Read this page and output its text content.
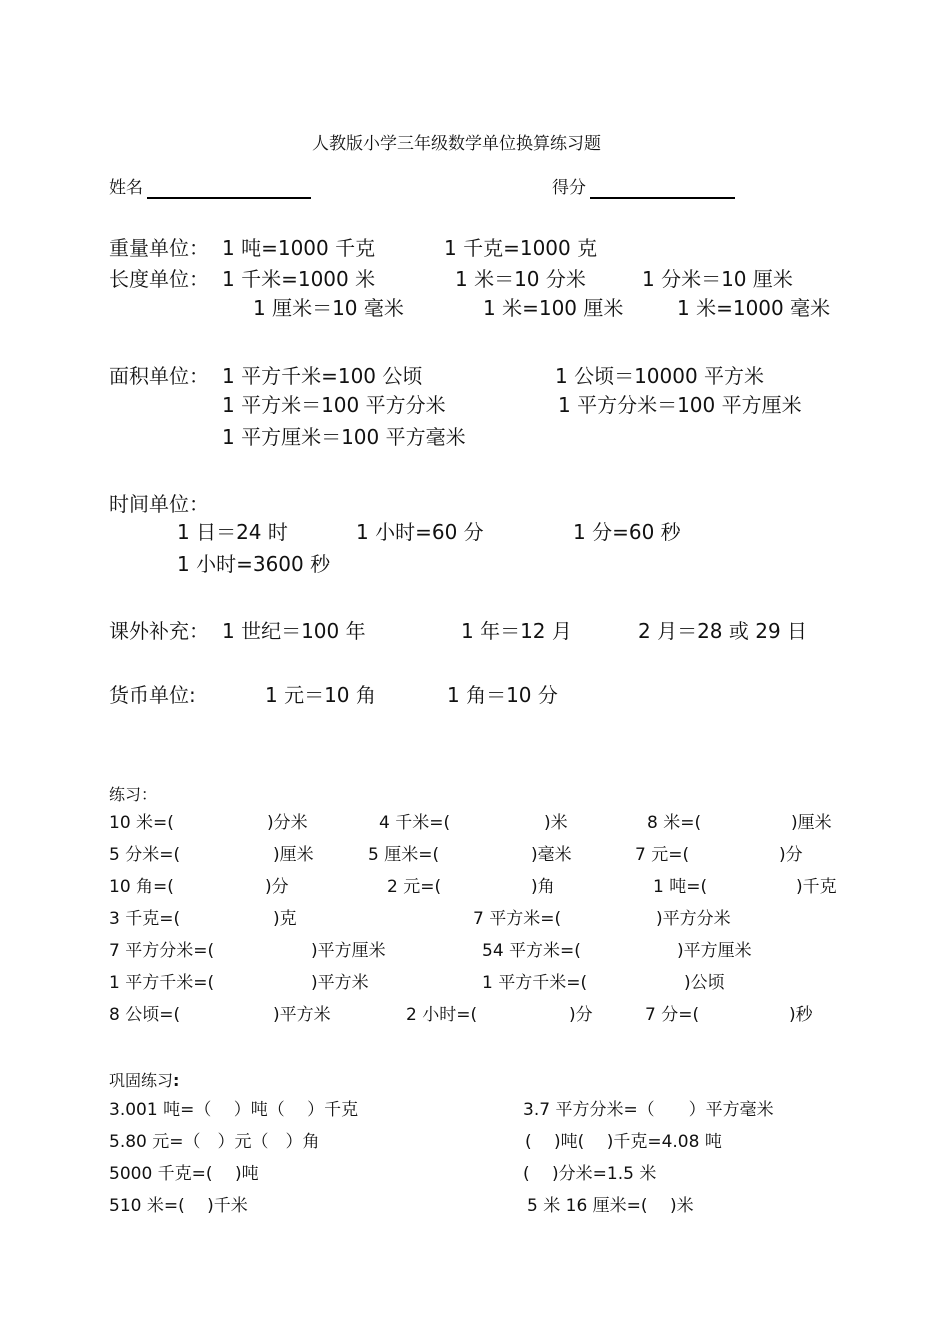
人教版小学三年级数学单位换算练习题
姓名	得分
重量单位： 1 吨=1000 千克	1 千克=1000 克
长度单位： 1 千米=1000 米	1 米＝10 分米	1 分米＝10 厘米
1 厘米＝10 毫米	1 米=100 厘米	1 米=1000 毫米
面积单位： 1 平方千米=100 公顷	1 公顷＝10000 平方米
1 平方米＝100 平方分米	1 平方分米＝100 平方厘米
1 平方厘米＝100 平方毫米
时间单位：
1 日＝24 时	1 小时=60 分	1 分=60 秒
1 小时=3600 秒
课外补充： 1 世纪＝100 年	1 年＝12 月	2 月＝28 或 29 日
货币单位:	1 元＝10 角	1 角＝10 分
练习：
10 米=(	)分米	4 千米=(	)米	8 米=(	)厘米
5 分米=(	)厘米	5 厘米=(	)毫米	7 元=(	)分
10 角=(	)分	2 元=(	)角	1 吨=(	)千克
3 千克=(	)克	7 平方米=(	)平方分米
7 平方分米=(	)平方厘米	54 平方米=(	)平方厘米
1 平方千米=(	)平方米	1 平方千米=(	)公顷
8 公顷=(	)平方米	2 小时=(	)分	7 分=(	)秒
巩固练习:
3.001 吨=（　 ）吨（　 ）千克	3.7 平方分米=（　　）平方毫米
5.80 元=（　）元（　）角	(　 )吨(　 )千克=4.08 吨
5000 千克=(　 )吨	(　 )分米=1.5 米
510 米=(　 )千米	5 米 16 厘米=(　 )米
